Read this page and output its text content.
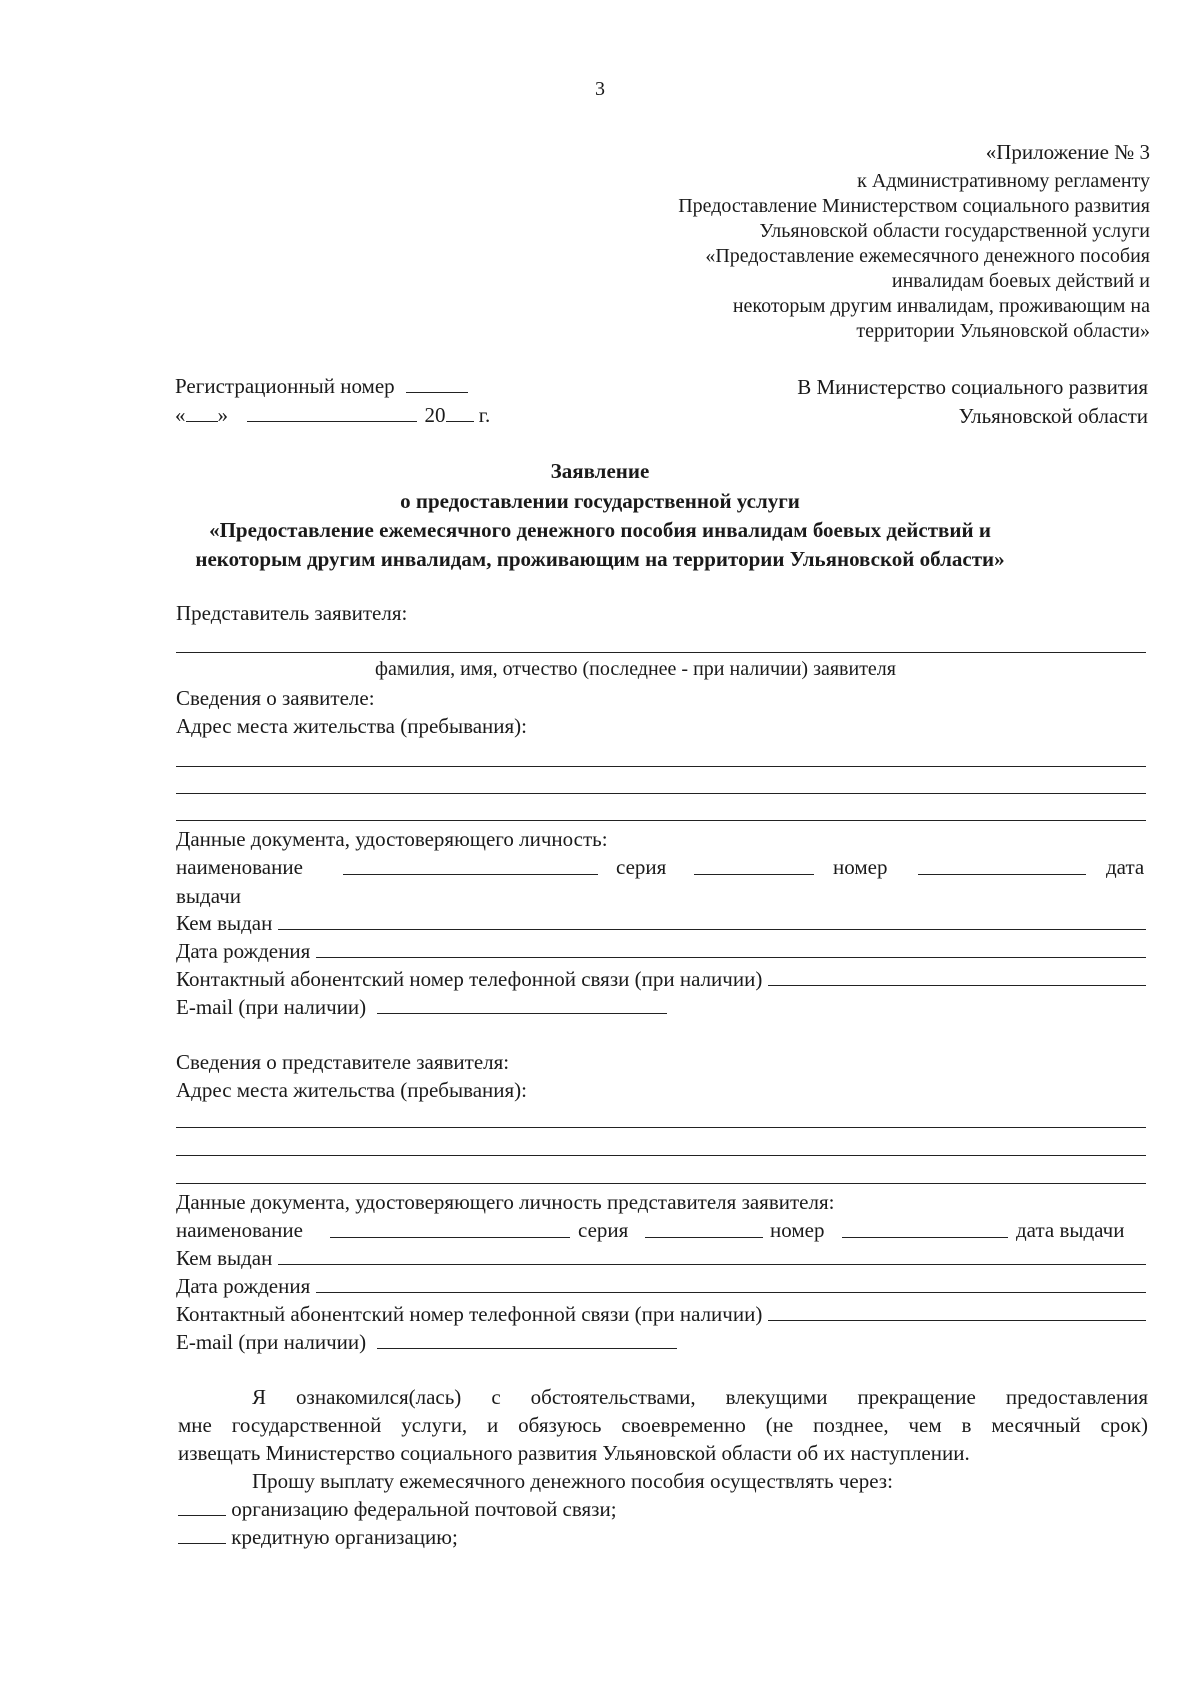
3
«Приложение № 3
к Административному регламенту
Предоставление Министерством социального развития
Ульяновской области государственной услуги
«Предоставление ежемесячного денежного пособия
инвалидам боевых действий и
некоторым другим инвалидам, проживающим на
территории Ульяновской области»
Регистрационный номер
« »	20 г.
В Министерство социального развития
Ульяновской области
Заявление
о предоставлении государственной услуги
«Предоставление ежемесячного денежного пособия инвалидам боевых действий и
некоторым другим инвалидам, проживающим на территории Ульяновской области»
Представитель заявителя:
фамилия, имя, отчество (последнее - при наличии) заявителя
Сведения о заявителе:
Адрес места жительства (пребывания):
Данные документа, удостоверяющего личность:
наименование	серия	номер	дата
выдачи
Кем выдан
Дата рождения
Контактный абонентский номер телефонной связи (при наличии)
E-mail (при наличии)
Сведения о представителе заявителя:
Адрес места жительства (пребывания):
Данные документа, удостоверяющего личность представителя заявителя:
наименование	серия	номер	дата выдачи
Кем выдан
Дата рождения
Контактный абонентский номер телефонной связи (при наличии)
E-mail (при наличии)
Я ознакомился(лась) с обстоятельствами, влекущими прекращение предоставления
мне государственной услуги, и обязуюсь своевременно (не позднее, чем в месячный срок)
извещать Министерство социального развития Ульяновской области об их наступлении.
Прошу выплату ежемесячного денежного пособия осуществлять через:
организацию федеральной почтовой связи;
кредитную организацию;
